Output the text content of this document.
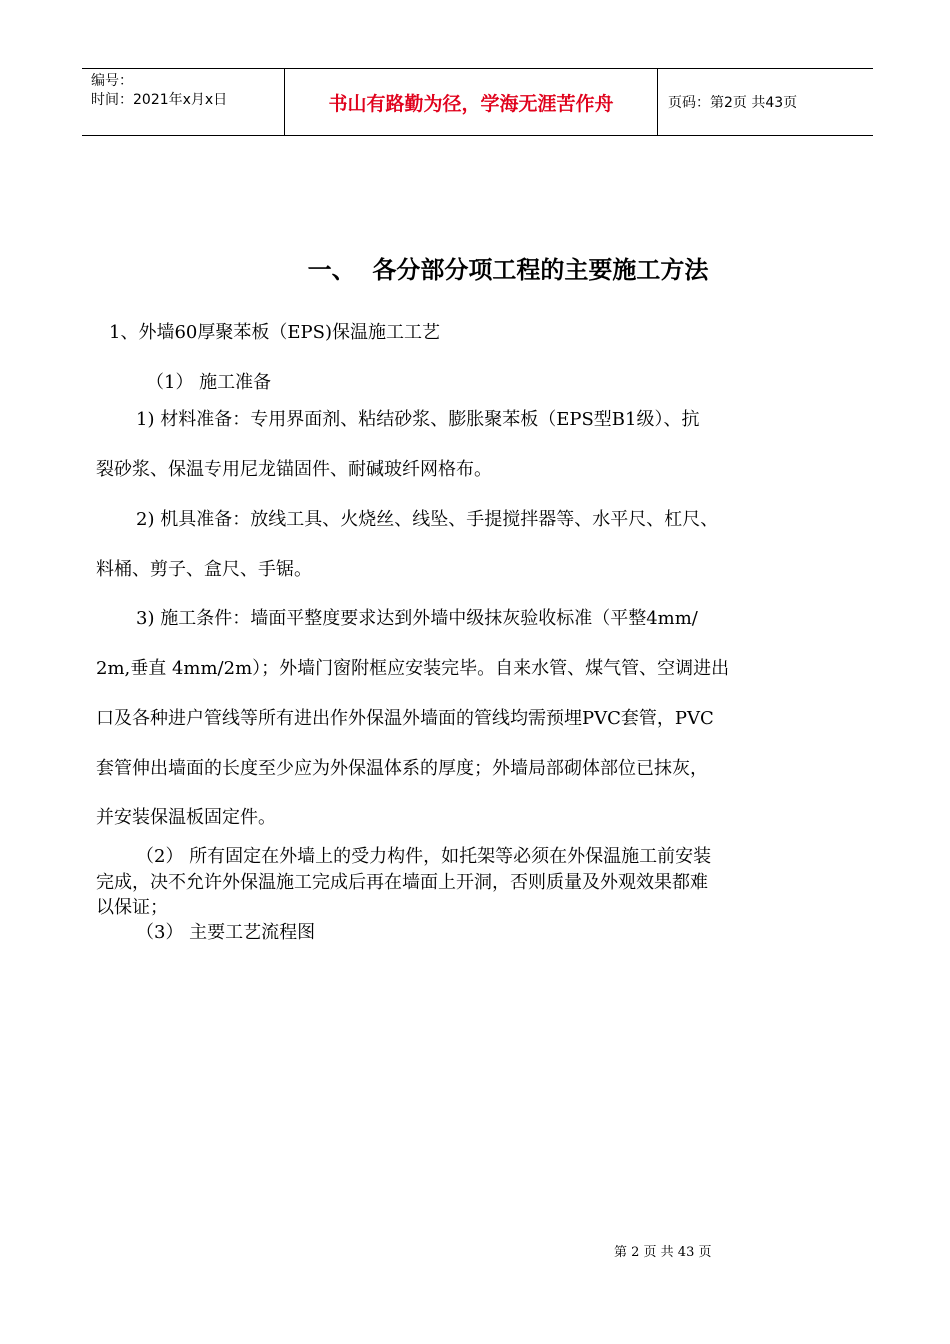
编号：
时间：2021年x月x日	书山有路勤为径，学海无涯苦作舟	页码：第2页 共43页
一、  各分部分项工程的主要施工方法
1、外墙60厚聚苯板（EPS)保温施工工艺
（1） 施工准备
1) 材料准备：专用界面剂、粘结砂浆、膨胀聚苯板（EPS型B1级）、抗
裂砂浆、保温专用尼龙锚固件、耐碱玻纤网格布。
2) 机具准备：放线工具、火烧丝、线坠、手提搅拌器等、水平尺、杠尺、
料桶、剪子、盒尺、手锯。
3) 施工条件：墙面平整度要求达到外墙中级抹灰验收标准（平整4mm/
2m,垂直 4mm/2m）；外墙门窗附框应安装完毕。自来水管、煤气管、空调进出
口及各种进户管线等所有进出作外保温外墙面的管线均需预埋PVC套管，PVC
套管伸出墙面的长度至少应为外保温体系的厚度；外墙局部砌体部位已抹灰，
并安装保温板固定件。
（2） 所有固定在外墙上的受力构件，如托架等必须在外保温施工前安装
完成，决不允许外保温施工完成后再在墙面上开洞，否则质量及外观效果都难
以保证；
（3） 主要工艺流程图
第 2 页 共 43 页
